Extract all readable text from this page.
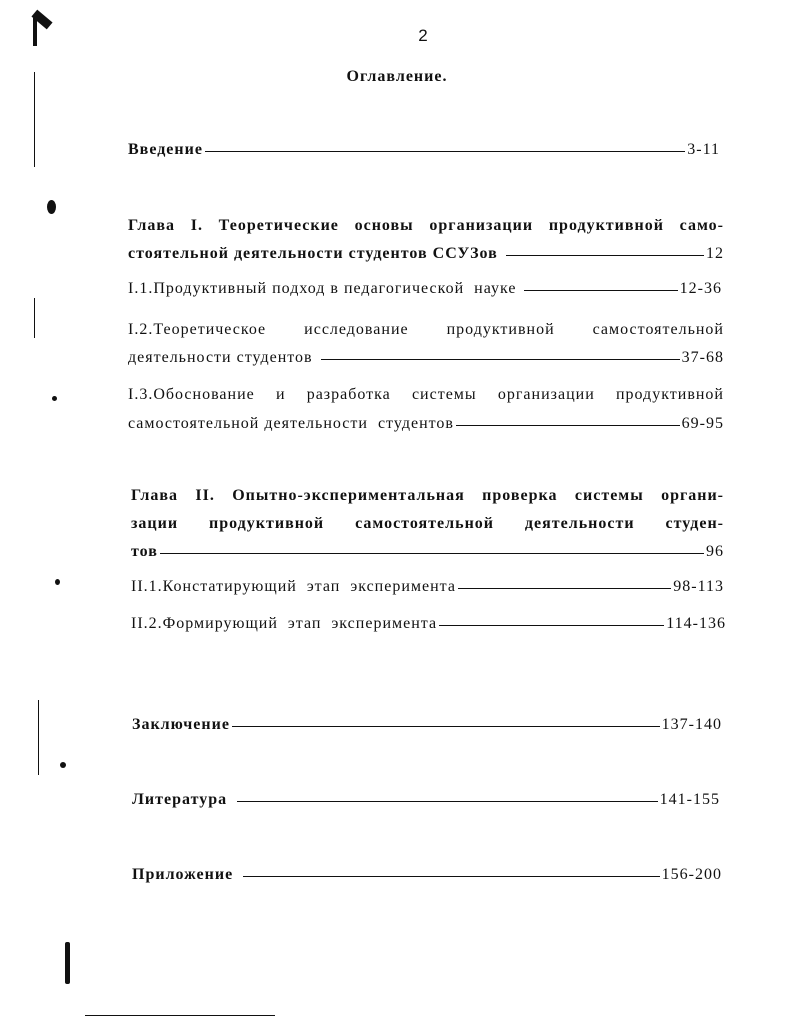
2
Оглавление.
Введение	3-11
Глава I. Теоретические основы организации продуктивной само-
стоятельной деятельности студентов ССУЗов	12
I.1.Продуктивный подход в педагогической  науке	12-36
I.2.Теоретическое исследование продуктивной самостоятельной
деятельности студентов	37-68
I.3.Обоснование и разработка системы организации продуктивной
самостоятельной деятельности  студентов	69-95
Глава II. Опытно-экспериментальная проверка системы органи-
зации продуктивной самостоятельной деятельности студен-
тов	96
II.1.Констатирующий  этап  эксперимента	98-113
II.2.Формирующий  этап  эксперимента	114-136
Заключение	137-140
Литература	141-155
Приложение	156-200
